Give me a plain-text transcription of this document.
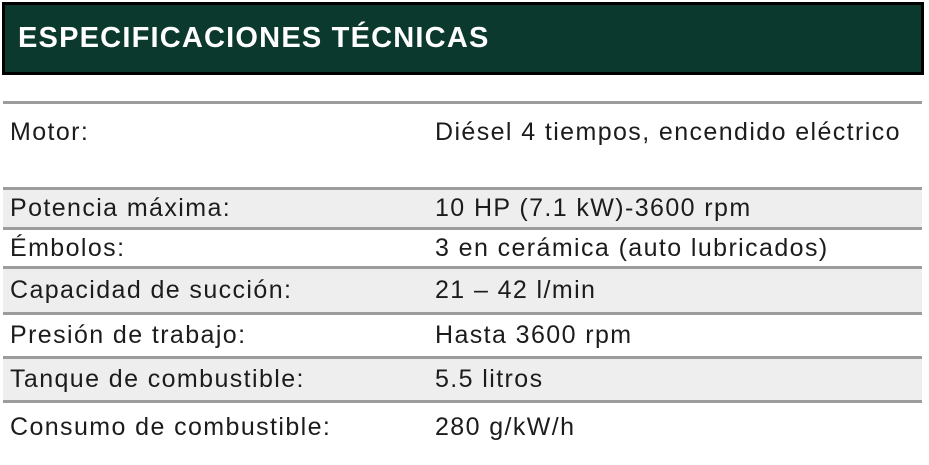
ESPECIFICACIONES TÉCNICAS
Motor:	Diésel 4 tiempos, encendido eléctrico
Potencia máxima:	10 HP (7.1 kW)-3600 rpm
Émbolos:	3 en cerámica (auto lubricados)
Capacidad de succión:	21 – 42 l/min
Presión de trabajo:	Hasta 3600 rpm
Tanque de combustible:	5.5 litros
Consumo de combustible:	280 g/kW/h
